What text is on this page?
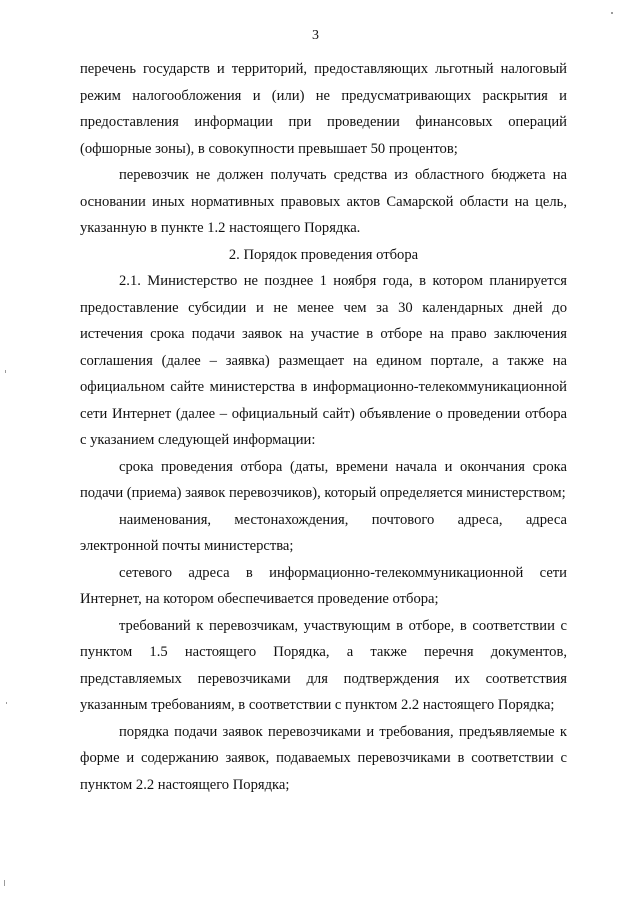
3

перечень государств и территорий, предоставляющих льготный налоговый режим налогообложения и (или) не предусматривающих раскрытия и предоставления информации при проведении финансовых операций (офшорные зоны), в совокупности превышает 50 процентов;

перевозчик не должен получать средства из областного бюджета на основании иных нормативных правовых актов Самарской области на цель, указанную в пункте 1.2 настоящего Порядка.

2. Порядок проведения отбора

2.1. Министерство не позднее 1 ноября года, в котором планируется предоставление субсидии и не менее чем за 30 календарных дней до истечения срока подачи заявок на участие в отборе на право заключения соглашения (далее – заявка) размещает на едином портале, а также на официальном сайте министерства в информационно-телекоммуникационной сети Интернет (далее – официальный сайт) объявление о проведении отбора с указанием следующей информации:

срока проведения отбора (даты, времени начала и окончания срока подачи (приема) заявок перевозчиков), который определяется министерством;

наименования, местонахождения, почтового адреса, адреса электронной почты министерства;

сетевого адреса в информационно-телекоммуникационной сети Интернет, на котором обеспечивается проведение отбора;

требований к перевозчикам, участвующим в отборе, в соответствии с пунктом 1.5 настоящего Порядка, а также перечня документов, представляемых перевозчиками для подтверждения их соответствия указанным требованиям, в соответствии с пунктом 2.2 настоящего Порядка;

порядка подачи заявок перевозчиками и требования, предъявляемые к форме и содержанию заявок, подаваемых перевозчиками в соответствии с пунктом 2.2 настоящего Порядка;
